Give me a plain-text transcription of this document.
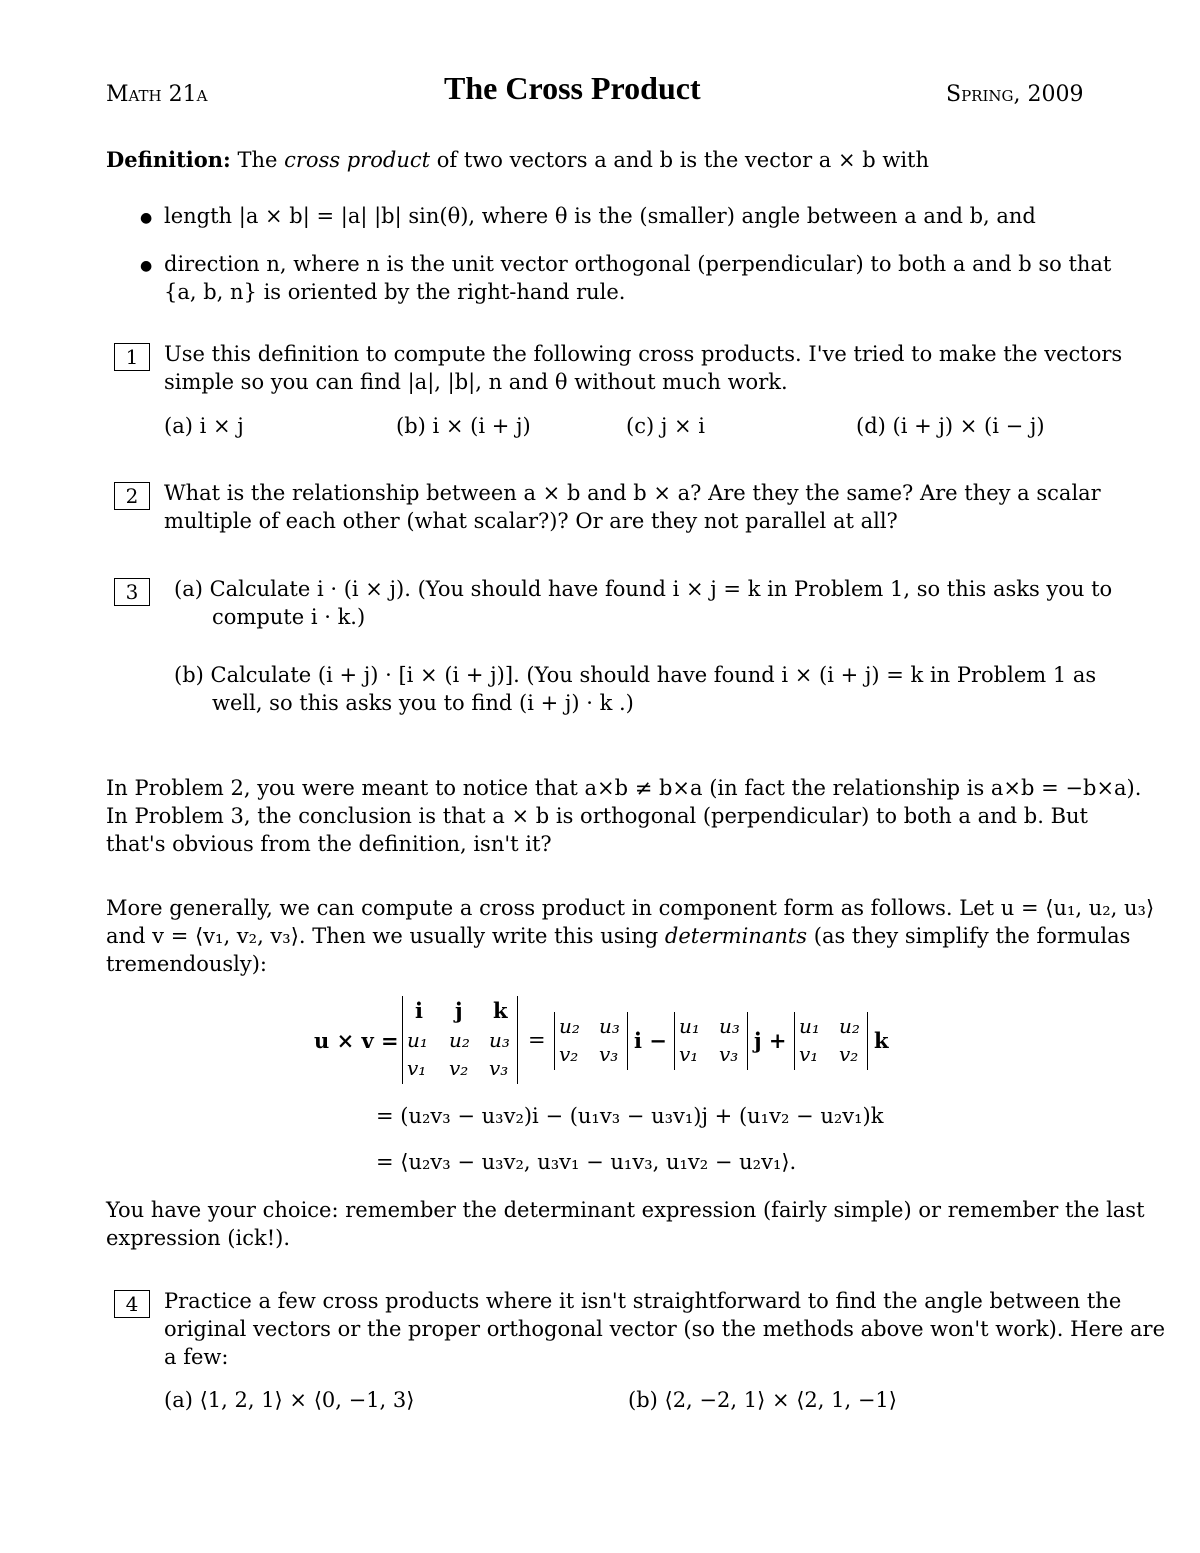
Math 21a	The Cross Product	Spring, 2009
Definition: The cross product of two vectors a and b is the vector a × b with
● length |a × b| = |a| |b| sin(θ), where θ is the (smaller) angle between a and b, and
● direction n, where n is the unit vector orthogonal (perpendicular) to both a and b so that
{a, b, n} is oriented by the right-hand rule.
1	Use this definition to compute the following cross products. I've tried to make the vectors
simple so you can find |a|, |b|, n and θ without much work.
(a) i × j	(b) i × (i + j)	(c) j × i	(d) (i + j) × (i − j)
2	What is the relationship between a × b and b × a? Are they the same? Are they a scalar
multiple of each other (what scalar?)? Or are they not parallel at all?
3	(a) Calculate i · (i × j). (You should have found i × j = k in Problem 1, so this asks you to
compute i · k.)
(b) Calculate (i + j) · [i × (i + j)]. (You should have found i × (i + j) = k in Problem 1 as
well, so this asks you to find (i + j) · k .)
In Problem 2, you were meant to notice that a×b ≠ b×a (in fact the relationship is a×b = −b×a).
In Problem 3, the conclusion is that a × b is orthogonal (perpendicular) to both a and b. But
that's obvious from the definition, isn't it?
More generally, we can compute a cross product in component form as follows. Let u = ⟨u₁, u₂, u₃⟩
and v = ⟨v₁, v₂, v₃⟩. Then we usually write this using determinants (as they simplify the formulas
tremendously):
u × v =
i j k
u₁ u₂ u₃
v₁ v₂ v₃
=
u₂ u₃
v₂ v₃
i −
u₁ u₃
v₁ v₃
j +
u₁ u₂
v₁ v₂
k
= (u₂v₃ − u₃v₂)i − (u₁v₃ − u₃v₁)j + (u₁v₂ − u₂v₁)k
= ⟨u₂v₃ − u₃v₂, u₃v₁ − u₁v₃, u₁v₂ − u₂v₁⟩.
You have your choice: remember the determinant expression (fairly simple) or remember the last
expression (ick!).
4	Practice a few cross products where it isn't straightforward to find the angle between the
original vectors or the proper orthogonal vector (so the methods above won't work). Here are
a few:
(a) ⟨1, 2, 1⟩ × ⟨0, −1, 3⟩	(b) ⟨2, −2, 1⟩ × ⟨2, 1, −1⟩
